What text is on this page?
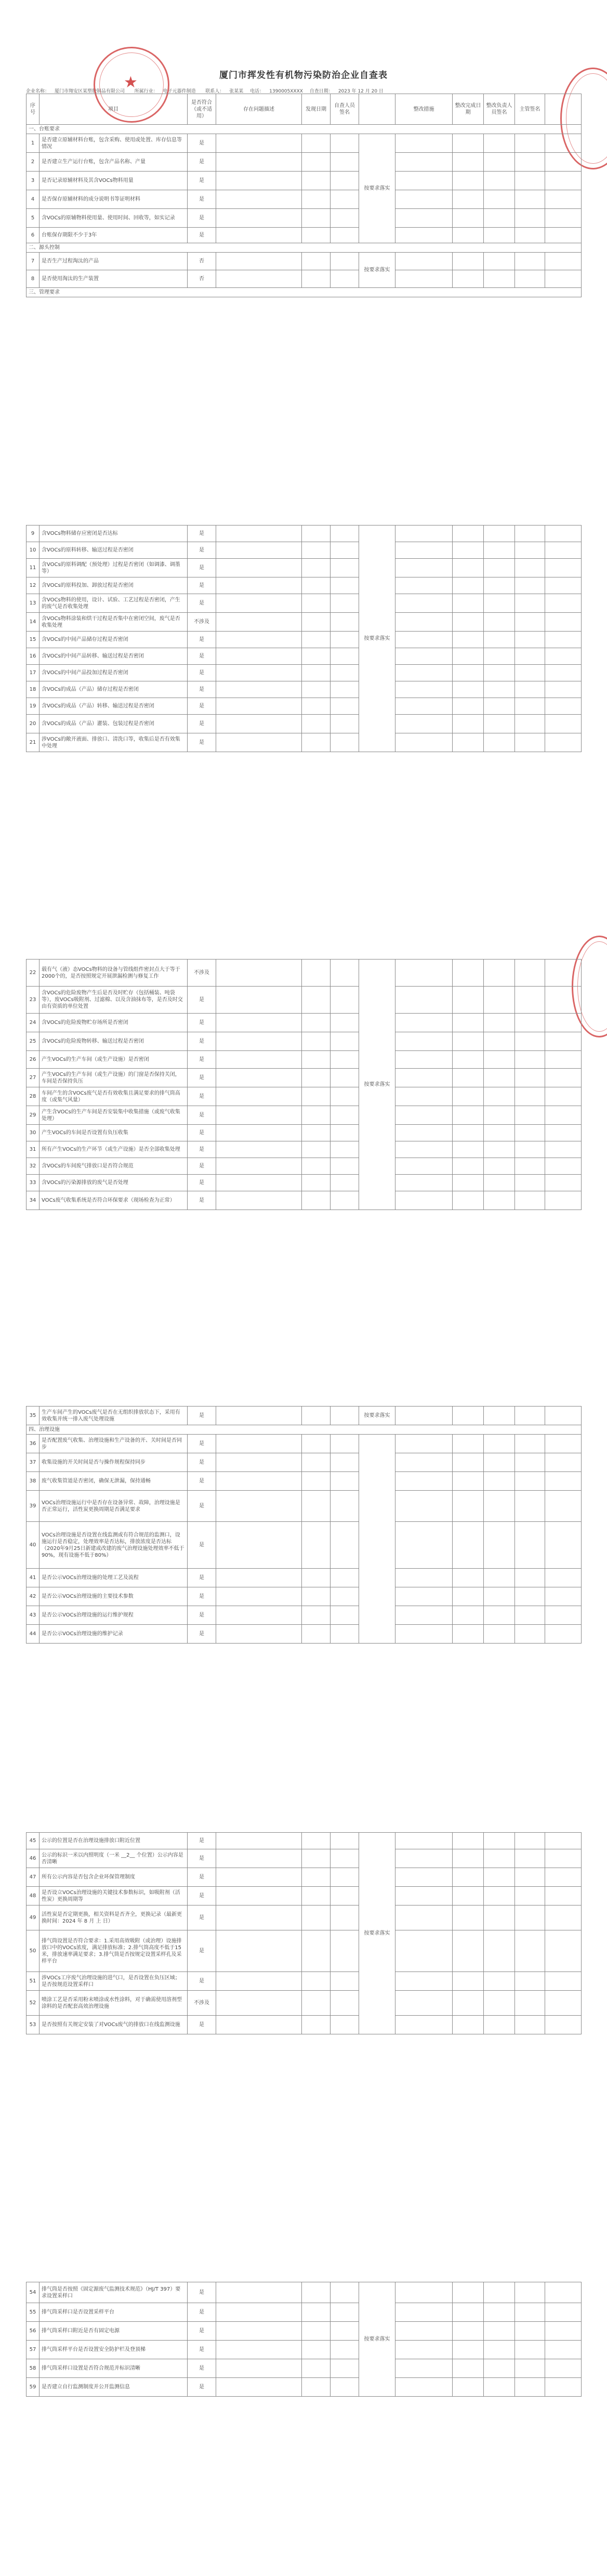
厦门市挥发性有机物污染防治企业自查表
企业名称： 厦门市翔安区某塑胶制品有限公司 所属行业： 电子元器件制造 联系人： 张某某 电话： 1390005XXXX 自查日期： 2023 年 12 月 20 日
★
序号	项目	是否符合（或不适用）	存在问题描述	发现日期	自查人员签名		整改措施	整改完成日期	整改负责人员签名	主管签名	
一、台账要求											
1	是否建立原辅材料台账，包含采购、使用或处置、库存信息等情况	是				按要求落实					
2	是否建立生产运行台账，包含产品名称、产量	是									
3	是否记录原辅材料及其含VOCs物料用量	是									
4	是否保存原辅材料的成分说明书等证明材料	是									
5	含VOCs的原辅物料使用量、使用时间、回收等，如实记录	是									
6	台账保存期限不少于3年	是									
二、源头控制											
7	是否生产过程淘汰的产品	否				按要求落实					
8	是否使用淘汰的生产装置	否									
三、管理要求											
9	含VOCs物料储存应密闭是否达标	是				按要求落实					
10	含VOCs的原料转移、输送过程是否密闭	是									
11	含VOCs的原料调配（预处理）过程是否密闭（如调漆、调墨等）	是									
12	含VOCs的原料投加、卸放过程是否密闭	是									
13	含VOCs物料的使用，设计、试验、工艺过程是否密闭，产生的废气是否收集处理	是									
14	含VOCs物料涂装和烘干过程是否集中在密闭空间，废气是否收集处理	不涉及									
15	含VOCs的中间产品储存过程是否密闭	是									
16	含VOCs的中间产品转移、输送过程是否密闭	是									
17	含VOCs的中间产品投加过程是否密闭	是									
18	含VOCs的成品（产品）储存过程是否密闭	是									
19	含VOCs的成品（产品）转移、输送过程是否密闭	是									
20	含VOCs的成品（产品）灌装、包装过程是否密闭	是									
21	涉VOCs的敞开液面、排放口、清洗口等，收集后是否有效集中处理	是									
22	载有气（液）态VOCs物料的设备与管线组件密封点大于等于2000个的，是否按照规定开展泄漏检测与修复工作	不涉及				按要求落实					
23	含VOCs的危险废物产生后是否及时贮存（包括桶装、吨袋等），废VOCs吸附剂、过滤棉、以及含油抹布等，是否及时交由有资质的单位处置	是									
24	含VOCs的危险废物贮存场所是否密闭	是									
25	含VOCs的危险废物转移、输送过程是否密闭	是									
26	产生VOCs的生产车间（或生产设施）是否密闭	是									
27	产生VOCs的生产车间（或生产设施）的门窗是否保持关闭，车间是否保持负压	是									
28	车间产生的含VOCs废气是否有效收集且满足要求的排气筒高度（或集气风量）	是									
29	产生含VOCs的生产车间是否安装集中收集措施（或废气收集处理）	是									
30	产生VOCs的车间是否设置有负压收集	是									
31	所有产生VOCs的生产环节（或生产设施）是否全部收集处理	是									
32	含VOCs的车间废气排放口是否符合规范	是									
33	含VOCs的污染源排放的废气是否处理	是									
34	VOCs废气收集系统是否符合环保要求（现场检查为正常）	是									
35	生产车间产生的VOCs废气是否在无组织排放状态下，采用有效收集并统一排入废气处理设施	是				按要求落实					
四、治理设施											
36	是否配置废气收集、治理设施和生产设备的开、关时间是否同步	是									
37	收集设施的开关时间是否与操作规程保持同步	是									
38	废气收集管道是否密闭，确保无泄漏，保持通畅	是									
39	VOCs治理设施运行中是否存在设备异常、故障，治理设施是否正常运行，活性炭更换周期是否满足要求	是									
40	VOCs治理设施是否设置在线监测或有符合规范的监测口，设施运行是否稳定，处理效率是否达标，排放浓度是否达标（2020年9月25日新建或改建的废气治理设施处理效率不低于90%，现有设施不低于80%）	是									
41	是否公示VOCs治理设施的处理工艺及流程	是									
42	是否公示VOCs治理设施的主要技术参数	是									
43	是否公示VOCs治理设施的运行维护规程	是									
44	是否公示VOCs治理设施的维护记录	是									
45	公示的位置是否在治理设施排放口附近位置	是				按要求落实					
46	公示的标识一米以内照明度（一米 __2__ 个位置）公示内容是否清晰	是									
47	所有公示内容是否包含企业环保管理制度	是									
48	是否设立VOCs治理设施的关键技术参数标识，如吸附剂（活性炭）更换周期等	是									
49	活性炭是否定期更换，相关资料是否齐全，更换记录（最新更换时间：2024 年 8 月 上 日）	是									
50	排气筒设置是否符合要求：1.采用高效吸附（或治理）设施排放口中的VOCs浓度，满足排放标准；2.排气筒高度不低于15米，排放速率满足要求；3.排气筒是否按规定设置采样孔及采样平台	是									
51	涉VOCs工序废气治理设施的进气口，是否设置在负压区域；是否按规范设置采样口	是									
52	喷涂工艺是否采用粉末喷涂或水性涂料，对于确需使用溶剂型涂料的是否配套高效治理设施	不涉及									
53	是否按照有关规定安装了对VOCs废气的排放口在线监测设施	是									
54	排气筒是否按照《固定源废气监测技术规范》（HJ/T 397）要求设置采样口	是				按要求落实					
55	排气筒采样口是否设置采样平台	是									
56	排气筒采样口附近是否有固定电源	是									
57	排气筒采样平台是否设置安全防护栏及登顶梯	是									
58	排气筒采样口设置是否符合规范并标识清晰	是									
59	是否建立自行监测制度并公开监测信息	是									
